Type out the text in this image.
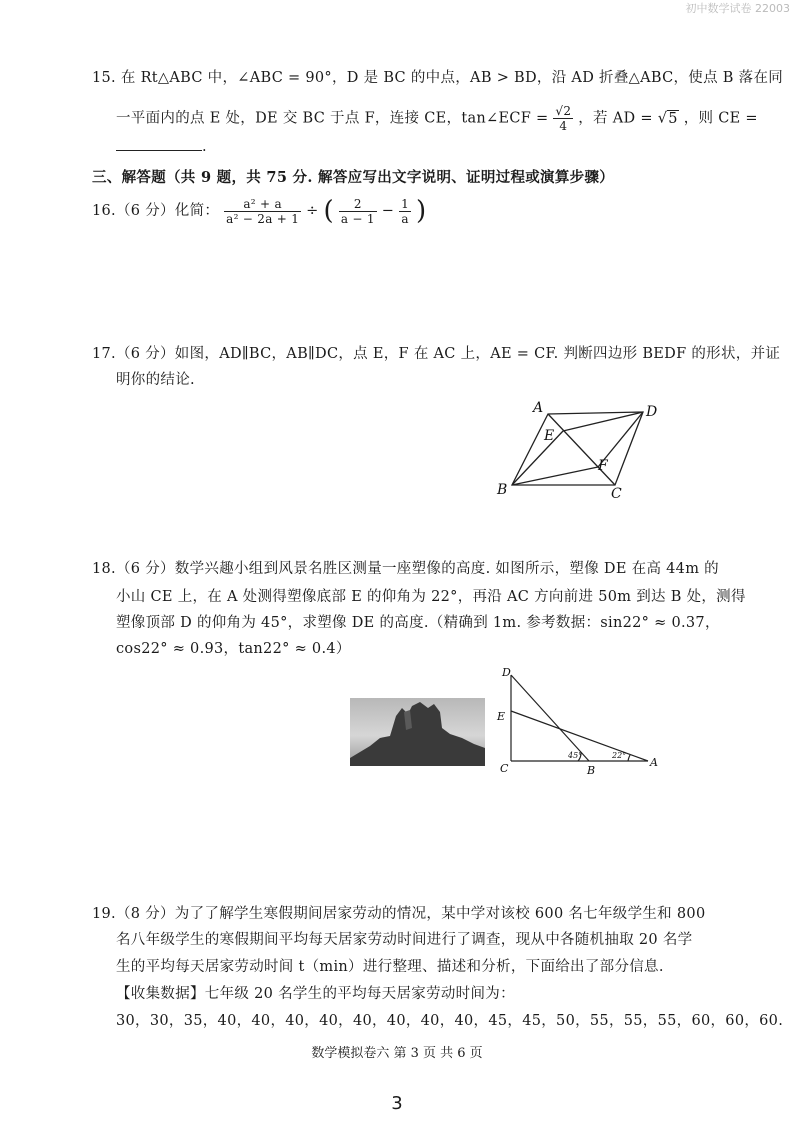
初中数学试卷 22003
15. 在 Rt△ABC 中，∠ABC = 90°，D 是 BC 的中点，AB > BD，沿 AD 折叠△ABC，使点 B 落在同
一平面内的点 E 处，DE 交 BC 于点 F，连接 CE，tan∠ECF = $\frac{√2}{4}$ ，若 AD = √5 ，则 CE =
.
三、解答题（共 9 题，共 75 分. 解答应写出文字说明、证明过程或演算步骤）
16.（6 分）化简： $\frac{\text{a² + a}}{\text{a² − 2a + 1}}$ ÷ ( $\frac{2}{a - 1} - \frac{1}{a}$ )
17.（6 分）如图，AD∥BC，AB∥DC，点 E，F 在 AC 上，AE = CF. 判断四边形 BEDF 的形状，并证
明你的结论.
A	D
E
F
B	C
18.（6 分）数学兴趣小组到风景名胜区测量一座塑像的高度. 如图所示，塑像 DE 在高 44m 的
小山 CE 上，在 A 处测得塑像底部 E 的仰角为 22°，再沿 AC 方向前进 50m 到达 B 处，测得
塑像顶部 D 的仰角为 45°，求塑像 DE 的高度.（精确到 1m. 参考数据：sin22° ≈ 0.37，
cos22° ≈ 0.93，tan22° ≈ 0.4）
D
E
C	B
A
45°	22°
19.（8 分）为了了解学生寒假期间居家劳动的情况，某中学对该校 600 名七年级学生和 800
名八年级学生的寒假期间平均每天居家劳动时间进行了调查，现从中各随机抽取 20 名学
生的平均每天居家劳动时间 t（min）进行整理、描述和分析，下面给出了部分信息.
【收集数据】七年级 20 名学生的平均每天居家劳动时间为：
30，30，35，40，40，40，40，40，40，40，40，45，45，50，55，55，55，60，60，60.
数学模拟卷六 第 3 页 共 6 页
3
